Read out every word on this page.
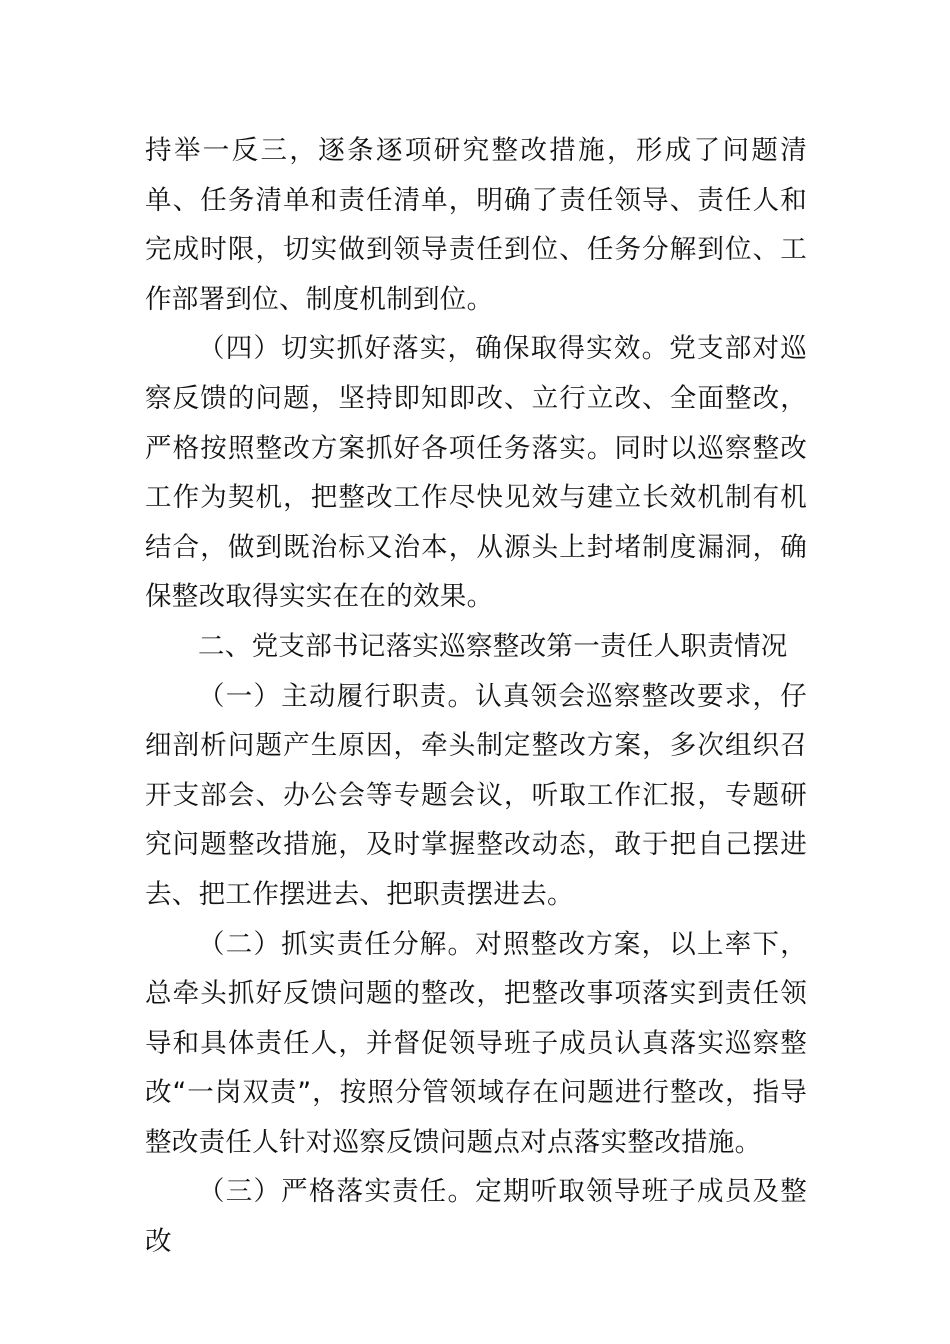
持举一反三，逐条逐项研究整改措施，形成了问题清单、任务清单和责任清单，明确了责任领导、责任人和完成时限，切实做到领导责任到位、任务分解到位、工作部署到位、制度机制到位。

（四）切实抓好落实，确保取得实效。党支部对巡察反馈的问题，坚持即知即改、立行立改、全面整改，严格按照整改方案抓好各项任务落实。同时以巡察整改工作为契机，把整改工作尽快见效与建立长效机制有机结合，做到既治标又治本，从源头上封堵制度漏洞，确保整改取得实实在在的效果。

二、党支部书记落实巡察整改第一责任人职责情况

（一）主动履行职责。认真领会巡察整改要求，仔细剖析问题产生原因，牵头制定整改方案，多次组织召开支部会、办公会等专题会议，听取工作汇报，专题研究问题整改措施，及时掌握整改动态，敢于把自己摆进去、把工作摆进去、把职责摆进去。

（二）抓实责任分解。对照整改方案，以上率下，总牵头抓好反馈问题的整改，把整改事项落实到责任领导和具体责任人，并督促领导班子成员认真落实巡察整改“一岗双责”，按照分管领域存在问题进行整改，指导整改责任人针对巡察反馈问题点对点落实整改措施。

（三）严格落实责任。定期听取领导班子成员及整改
